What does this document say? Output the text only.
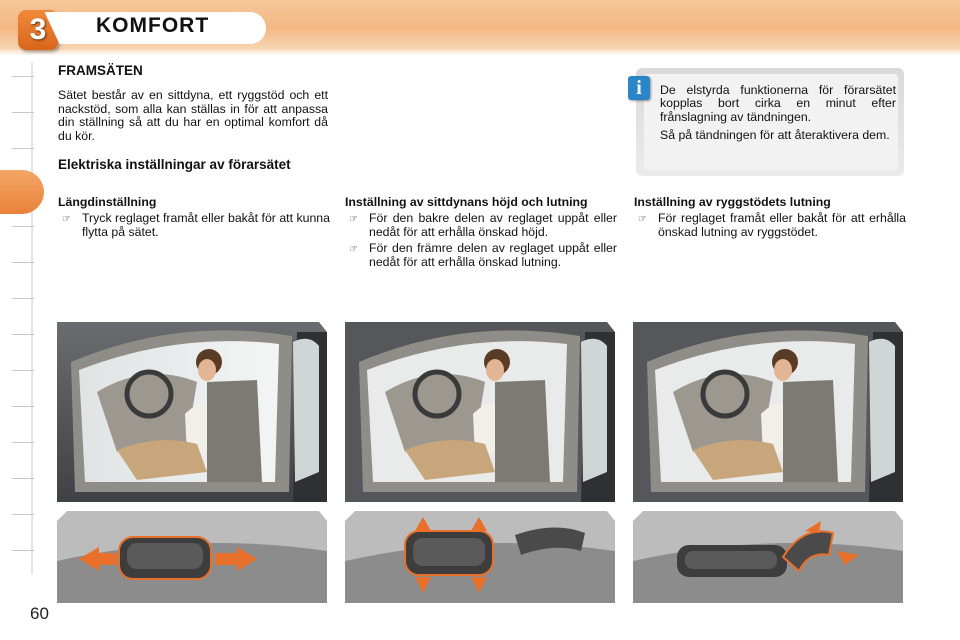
3	KOMFORT
60
FRAMSÄTEN
Sätet består av en sittdyna, ett ryggstöd och ett nackstöd, som alla kan ställas in för att anpassa din ställning så att du har en optimal komfort då du kör.
Elektriska inställningar av förarsätet
Längdinställning
☞ Tryck reglaget framåt eller bakåt för att kunna flytta på sätet.
Inställning av sittdynans höjd och lutning
☞ För den bakre delen av reglaget uppåt eller nedåt för att erhålla önskad höjd.
☞ För den främre delen av reglaget uppåt eller nedåt för att erhålla önskad lutning.
Inställning av ryggstödets lutning
☞ För reglaget framåt eller bakåt för att erhålla önskad lutning av ryggstödet.
i	De elstyrda funktionerna för förarsätet kopplas bort cirka en minut efter frånslagning av tändningen.

Så på tändningen för att återaktivera dem.
